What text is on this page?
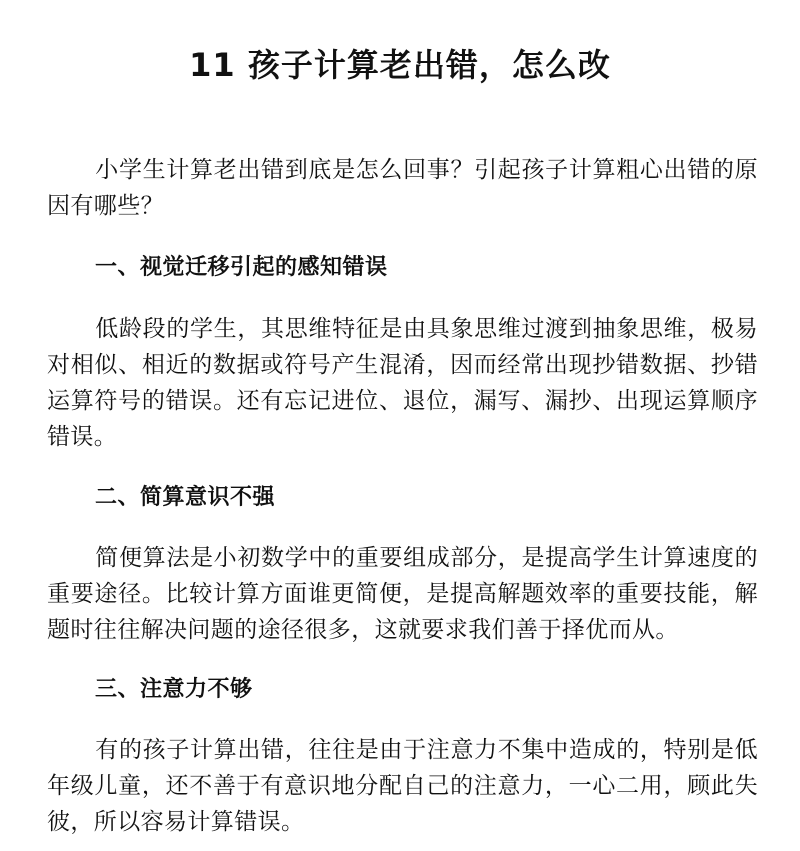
11 孩子计算老出错，怎么改

小学生计算老出错到底是怎么回事？引起孩子计算粗心出错的原因有哪些？

一、视觉迁移引起的感知错误

低龄段的学生，其思维特征是由具象思维过渡到抽象思维，极易对相似、相近的数据或符号产生混淆，因而经常出现抄错数据、抄错运算符号的错误。还有忘记进位、退位，漏写、漏抄、出现运算顺序错误。

二、简算意识不强

简便算法是小初数学中的重要组成部分，是提高学生计算速度的重要途径。比较计算方面谁更简便，是提高解题效率的重要技能，解题时往往解决问题的途径很多，这就要求我们善于择优而从。

三、注意力不够

有的孩子计算出错，往往是由于注意力不集中造成的，特别是低年级儿童，还不善于有意识地分配自己的注意力，一心二用，顾此失彼，所以容易计算错误。
